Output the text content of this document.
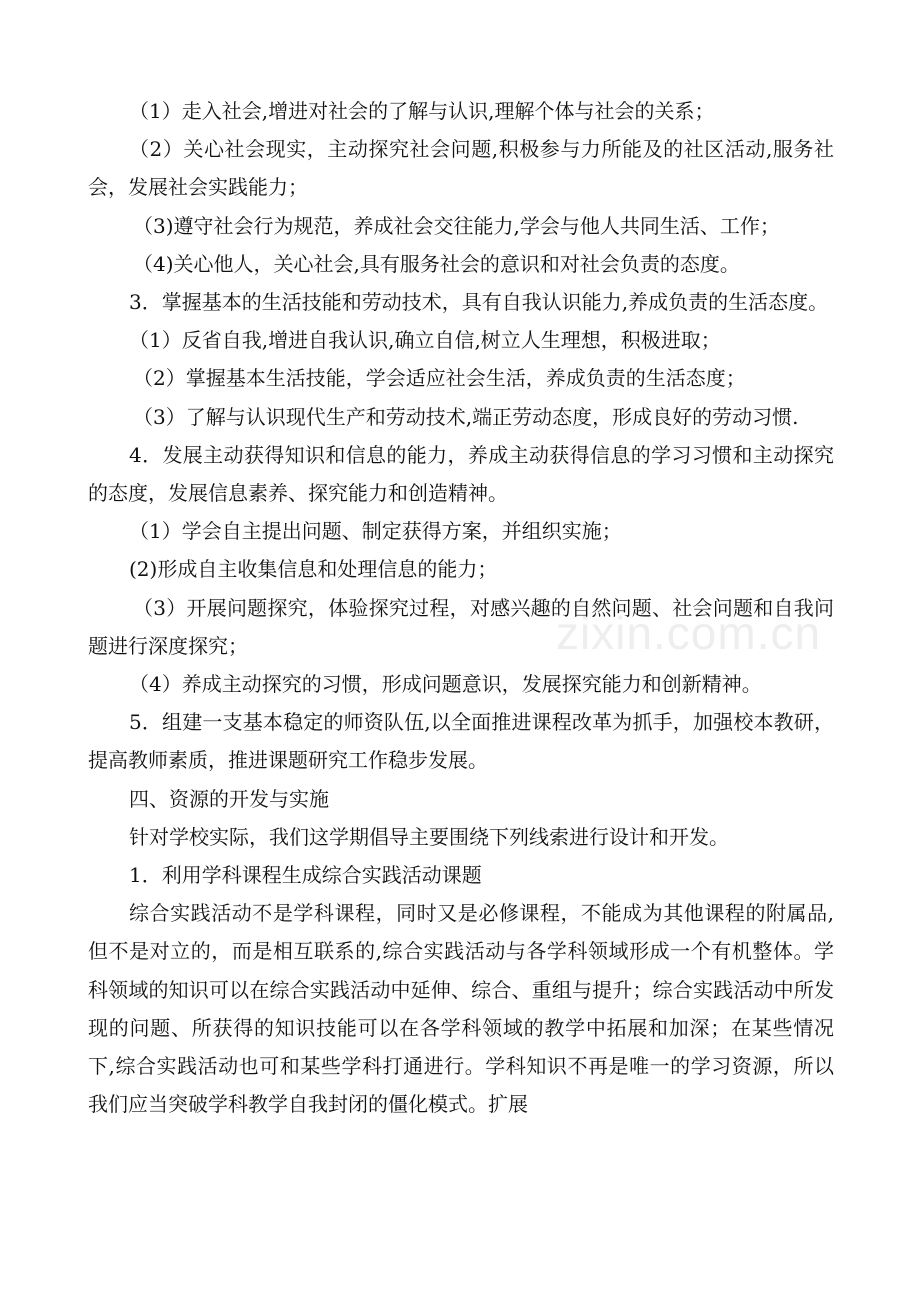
（1）走入社会,增进对社会的了解与认识,理解个体与社会的关系；

（2）关心社会现实，主动探究社会问题,积极参与力所能及的社区活动,服务社会，发展社会实践能力；

（3)遵守社会行为规范，养成社会交往能力,学会与他人共同生活、工作；

（4)关心他人，关心社会,具有服务社会的意识和对社会负责的态度。

3．掌握基本的生活技能和劳动技术，具有自我认识能力,养成负责的生活态度。

（1）反省自我,增进自我认识,确立自信,树立人生理想，积极进取；

（2）掌握基本生活技能，学会适应社会生活，养成负责的生活态度；

（3）了解与认识现代生产和劳动技术,端正劳动态度，形成良好的劳动习惯.

4．发展主动获得知识和信息的能力，养成主动获得信息的学习习惯和主动探究的态度，发展信息素养、探究能力和创造精神。

（1）学会自主提出问题、制定获得方案，并组织实施；

(2)形成自主收集信息和处理信息的能力；

（3）开展问题探究，体验探究过程，对感兴趣的自然问题、社会问题和自我问题进行深度探究；

（4）养成主动探究的习惯，形成问题意识，发展探究能力和创新精神。

5．组建一支基本稳定的师资队伍,以全面推进课程改革为抓手，加强校本教研，提高教师素质，推进课题研究工作稳步发展。

四、资源的开发与实施

针对学校实际，我们这学期倡导主要围绕下列线索进行设计和开发。

1．利用学科课程生成综合实践活动课题

综合实践活动不是学科课程，同时又是必修课程，不能成为其他课程的附属品,但不是对立的，而是相互联系的,综合实践活动与各学科领域形成一个有机整体。学科领域的知识可以在综合实践活动中延伸、综合、重组与提升；综合实践活动中所发现的问题、所获得的知识技能可以在各学科领域的教学中拓展和加深；在某些情况下,综合实践活动也可和某些学科打通进行。学科知识不再是唯一的学习资源，所以我们应当突破学科教学自我封闭的僵化模式。扩展

zixin.com.cn
